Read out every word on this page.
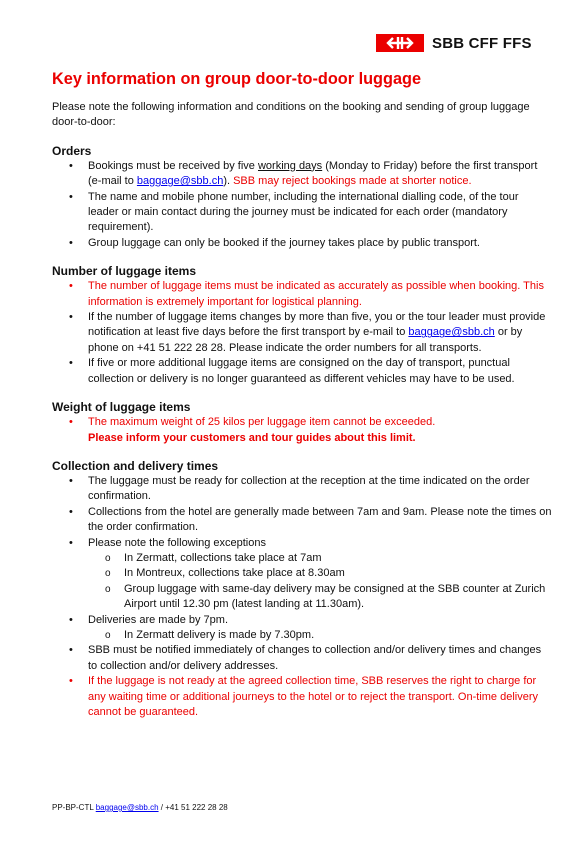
SBB CFF FFS
Key information on group door-to-door luggage

Please note the following information and conditions on the booking and sending of group luggage door-to-door:

Orders
• Bookings must be received by five working days (Monday to Friday) before the first transport (e-mail to baggage@sbb.ch). SBB may reject bookings made at shorter notice.
• The name and mobile phone number, including the international dialling code, of the tour leader or main contact during the journey must be indicated for each order (mandatory requirement).
• Group luggage can only be booked if the journey takes place by public transport.
Number of luggage items
• The number of luggage items must be indicated as accurately as possible when booking. This information is extremely important for logistical planning.
• If the number of luggage items changes by more than five, you or the tour leader must provide notification at least five days before the first transport by e-mail to baggage@sbb.ch or by phone on +41 51 222 28 28. Please indicate the order numbers for all transports.
• If five or more additional luggage items are consigned on the day of transport, punctual collection or delivery is no longer guaranteed as different vehicles may have to be used.
Weight of luggage items
• The maximum weight of 25 kilos per luggage item cannot be exceeded.
Please inform your customers and tour guides about this limit.
Collection and delivery times
• The luggage must be ready for collection at the reception at the time indicated on the order confirmation.
• Collections from the hotel are generally made between 7am and 9am. Please note the times on the order confirmation.
• Please note the following exceptions
o In Zermatt, collections take place at 7am
o In Montreux, collections take place at 8.30am
o Group luggage with same-day delivery may be consigned at the SBB counter at Zurich Airport until 12.30 pm (latest landing at 11.30am).
• Deliveries are made by 7pm.
o In Zermatt delivery is made by 7.30pm.
• SBB must be notified immediately of changes to collection and/or delivery times and changes to collection and/or delivery addresses.
• If the luggage is not ready at the agreed collection time, SBB reserves the right to charge for any waiting time or additional journeys to the hotel or to reject the transport. On-time delivery cannot be guaranteed.
PP-BP-CTL baggage@sbb.ch / +41 51 222 28 28
